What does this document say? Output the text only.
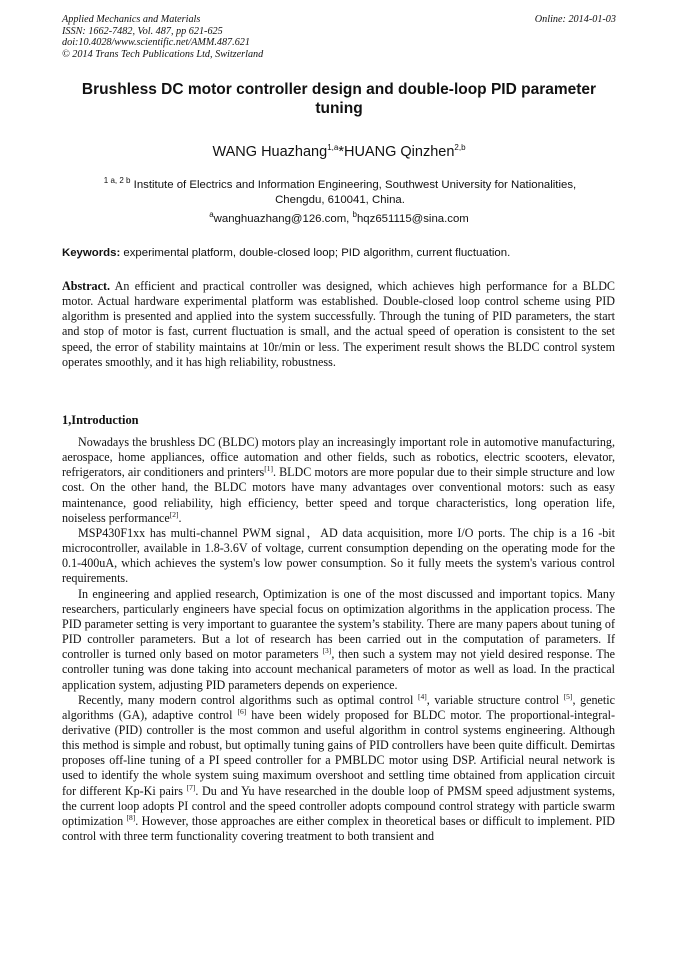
Applied Mechanics and Materials
ISSN: 1662-7482, Vol. 487, pp 621-625
doi:10.4028/www.scientific.net/AMM.487.621
© 2014 Trans Tech Publications Ltd, Switzerland
Online: 2014-01-03
Brushless DC motor controller design and double-loop PID parameter tuning
WANG Huazhang$^{1,a}$*HUANG Qinzhen$^{2,b}$
$^{1 a, 2 b}$ Institute of Electrics and Information Engineering, Southwest University for Nationalities, Chengdu, 610041, China.
$^a$wanghuazhang@126.com, $^b$hqz651115@sina.com
Keywords: experimental platform, double-closed loop; PID algorithm, current fluctuation.
Abstract. An efficient and practical controller was designed, which achieves high performance for a BLDC motor. Actual hardware experimental platform was established. Double-closed loop control scheme using PID algorithm is presented and applied into the system successfully. Through the tuning of PID parameters, the start and stop of motor is fast, current fluctuation is small, and the actual speed of operation is consistent to the set speed, the error of stability maintains at 10r/min or less. The experiment result shows the BLDC control system operates smoothly, and it has high reliability, robustness.
1,Introduction

Nowadays the brushless DC (BLDC) motors play an increasingly important role in automotive manufacturing, aerospace, home appliances, office automation and other fields, such as robotics, electric scooters, elevator, refrigerators, air conditioners and printers[1]. BLDC motors are more popular due to their simple structure and low cost. On the other hand, the BLDC motors have many advantages over conventional motors: such as easy maintenance, good reliability, high efficiency, better speed and torque characteristics, long operation life, noiseless performance[2].

MSP430F1xx has multi-channel PWM signal，AD data acquisition, more I/O ports. The chip is a 16 -bit microcontroller, available in 1.8-3.6V of voltage, current consumption depending on the operating mode for the 0.1-400uA, which achieves the system's low power consumption. So it fully meets the system's various control requirements.

In engineering and applied research, Optimization is one of the most discussed and important topics. Many researchers, particularly engineers have special focus on optimization algorithms in the application process. The PID parameter setting is very important to guarantee the system’s stability. There are many papers about tuning of PID controller parameters. But a lot of research has been carried out in the computation of parameters. If controller is turned only based on motor parameters [3], then such a system may not yield desired response. The controller tuning was done taking into account mechanical parameters of motor as well as load. In the practical application system, adjusting PID parameters depends on experience.

Recently, many modern control algorithms such as optimal control [4], variable structure control [5], genetic algorithms (GA), adaptive control [6] have been widely proposed for BLDC motor. The proportional-integral-derivative (PID) controller is the most common and useful algorithm in control systems engineering. Although this method is simple and robust, but optimally tuning gains of PID controllers have been quite difficult. Demirtas proposes off-line tuning of a PI speed controller for a PMBLDC motor using DSP. Artificial neural network is used to identify the whole system suing maximum overshoot and settling time obtained from application circuit for different Kp-Ki pairs [7]. Du and Yu have researched in the double loop of PMSM speed adjustment systems, the current loop adopts PI control and the speed controller adopts compound control strategy with particle swarm optimization [8]. However, those approaches are either complex in theoretical bases or difficult to implement. PID control with three term functionality covering treatment to both transient and
